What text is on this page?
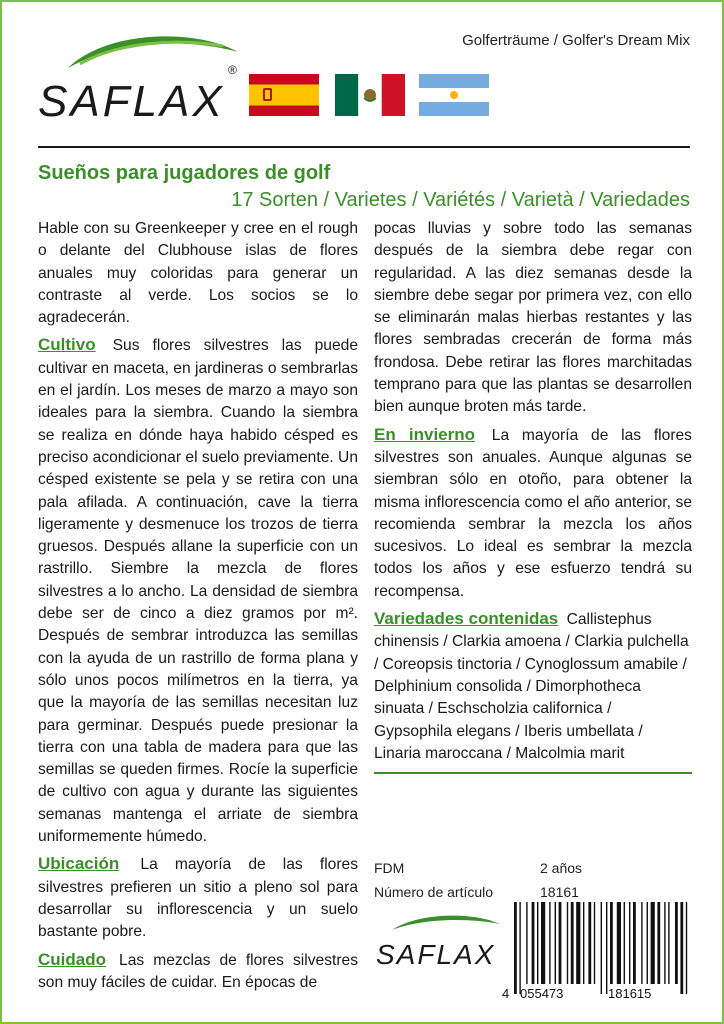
SAFLAX
®
Golferträume / Golfer's Dream Mix
Sueños para jugadores de golf
17 Sorten / Varietes / Variétés / Varietà / Variedades

Hable con su Greenkeeper y cree en el rough o delante del Clubhouse islas de flores anuales muy coloridas para generar un contraste al verde. Los socios se lo agradecerán.

Cultivo Sus flores silvestres las puede cultivar en maceta, en jardineras o sembrarlas en el jardín. Los meses de marzo a mayo son ideales para la siembra. Cuando la siembra se realiza en dónde haya habido césped es preciso acondicionar el suelo previamente. Un césped existente se pela y se retira con una pala afilada. A continuación, cave la tierra ligeramente y desmenuce los trozos de tierra gruesos. Después allane la superficie con un rastrillo. Siembre la mezcla de flores silvestres a lo ancho. La densidad de siembra debe ser de cinco a diez gramos por m². Después de sembrar introduzca las semillas con la ayuda de un rastrillo de forma plana y sólo unos pocos milímetros en la tierra, ya que la mayoría de las semillas necesitan luz para germinar. Después puede presionar la tierra con una tabla de madera para que las semillas se queden firmes. Rocíe la superficie de cultivo con agua y durante las siguientes semanas mantenga el arriate de siembra uniformemente húmedo.

Ubicación La mayoría de las flores silvestres prefieren un sitio a pleno sol para desarrollar su inflorescencia y un suelo bastante pobre.

Cuidado Las mezclas de flores silvestres son muy fáciles de cuidar. En épocas de

pocas lluvias y sobre todo las semanas después de la siembra debe regar con regularidad. A las diez semanas desde la siembre debe segar por primera vez, con ello se eliminarán malas hierbas restantes y las flores sembradas crecerán de forma más frondosa. Debe retirar las flores marchitadas temprano para que las plantas se desarrollen bien aunque broten más tarde.

En invierno La mayoría de las flores silvestres son anuales. Aunque algunas se siembran sólo en otoño, para obtener la misma inflorescencia como el año anterior, se recomienda sembrar la mezcla los años sucesivos. Lo ideal es sembrar la mezcla todos los años y ese esfuerzo tendrá su recompensa.

Variedades contenidas Callistephus chinensis / Clarkia amoena / Clarkia pulchella / Coreopsis tinctoria / Cynoglossum amabile / Delphinium consolida / Dimorphotheca sinuata / Eschscholzia californica / Gypsophila elegans / Iberis umbellata / Linaria maroccana / Malcolmia marit

FDM	2 años
Número de artículo	18161
SAFLAX
4 055473	181615
